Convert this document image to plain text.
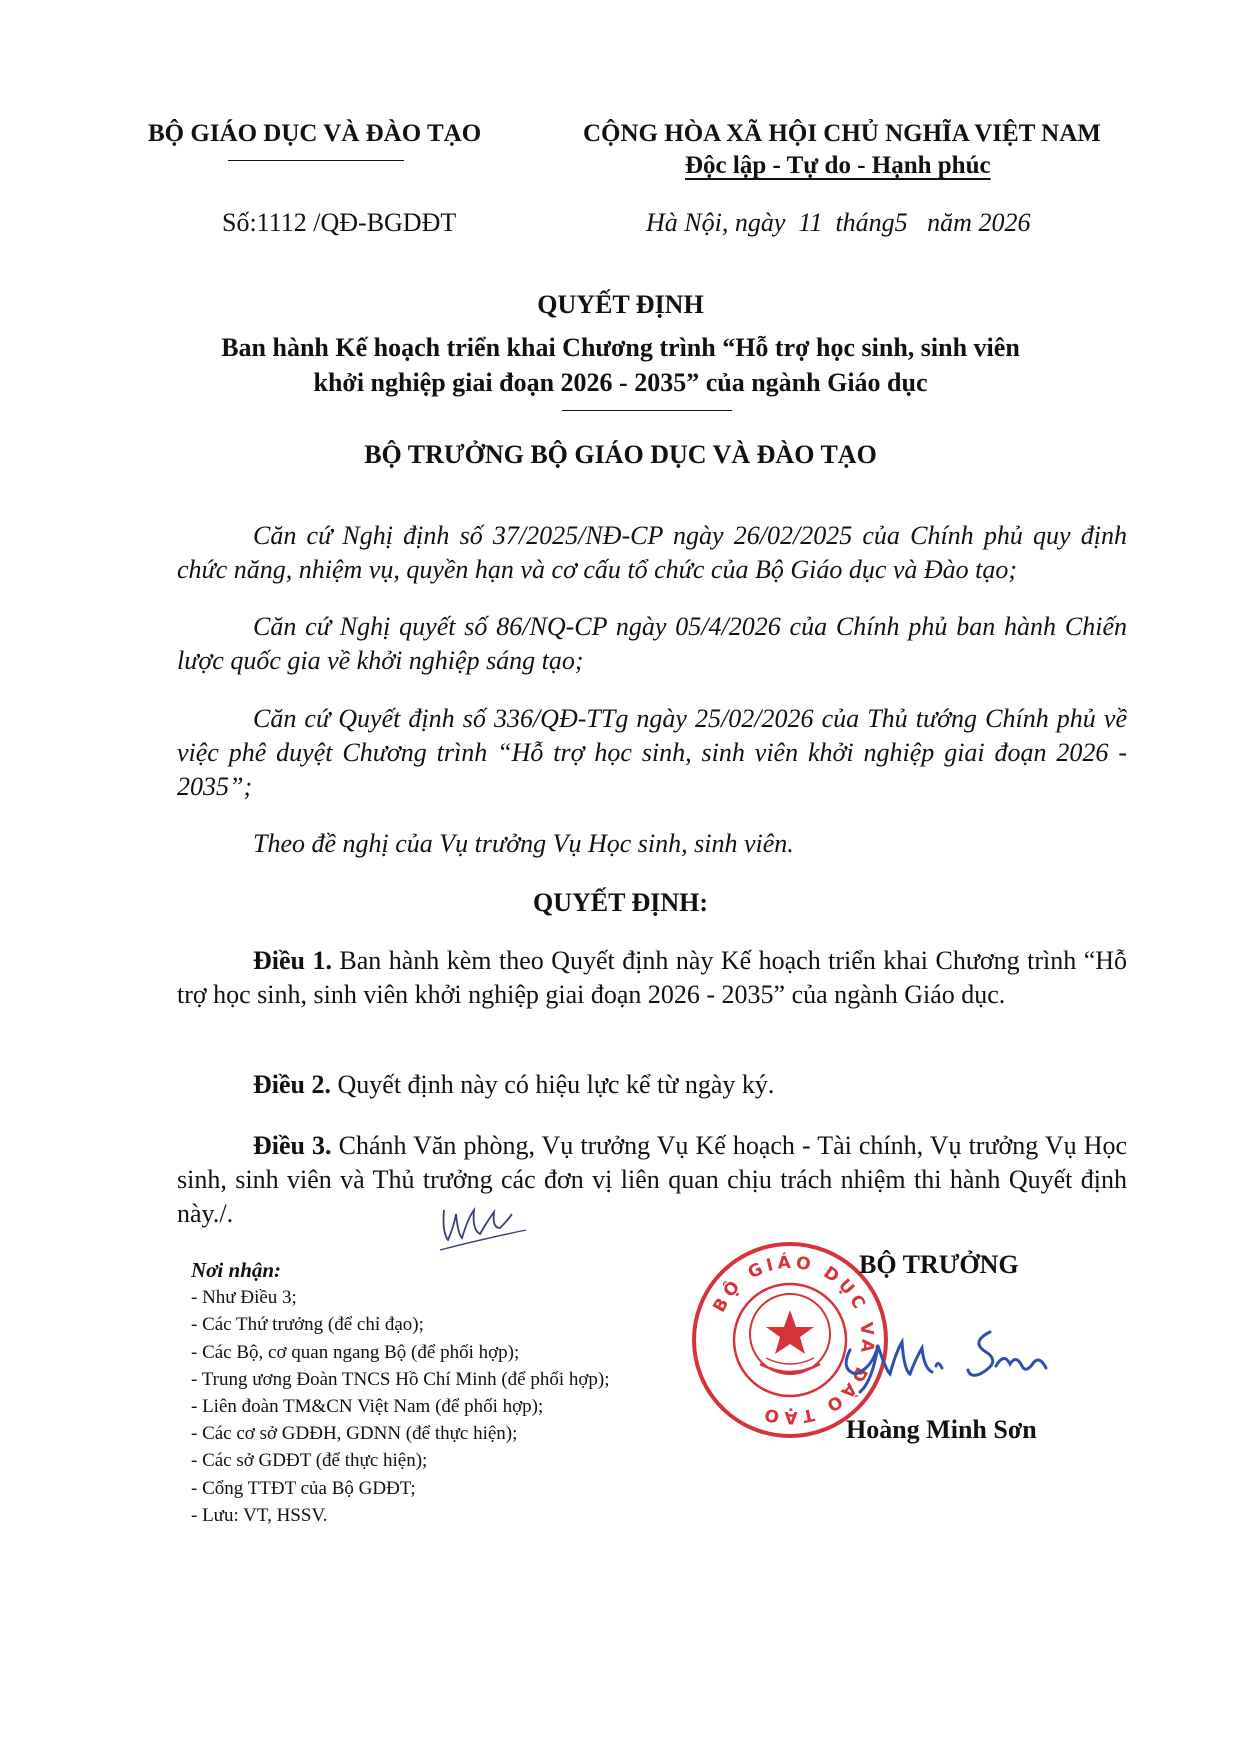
BỘ GIÁO DỤC VÀ ĐÀO TẠO	CỘNG HÒA XÃ HỘI CHỦ NGHĨA VIỆT NAM
Độc lập - Tự do - Hạnh phúc
Số:1112 /QĐ-BGDĐT	Hà Nội, ngày  11  tháng5   năm 2026
QUYẾT ĐỊNH
Ban hành Kế hoạch triển khai Chương trình “Hỗ trợ học sinh, sinh viên
khởi nghiệp giai đoạn 2026 - 2035” của ngành Giáo dục
BỘ TRƯỞNG BỘ GIÁO DỤC VÀ ĐÀO TẠO
Căn cứ Nghị định số 37/2025/NĐ-CP ngày 26/02/2025 của Chính phủ quy định chức năng, nhiệm vụ, quyền hạn và cơ cấu tổ chức của Bộ Giáo dục và Đào tạo;
Căn cứ Nghị quyết số 86/NQ-CP ngày 05/4/2026 của Chính phủ ban hành Chiến lược quốc gia về khởi nghiệp sáng tạo;
Căn cứ Quyết định số 336/QĐ-TTg ngày 25/02/2026 của Thủ tướng Chính phủ về việc phê duyệt Chương trình “Hỗ trợ học sinh, sinh viên khởi nghiệp giai đoạn 2026 - 2035”;
Theo đề nghị của Vụ trưởng Vụ Học sinh, sinh viên.
QUYẾT ĐỊNH:
Điều 1. Ban hành kèm theo Quyết định này Kế hoạch triển khai Chương trình “Hỗ trợ học sinh, sinh viên khởi nghiệp giai đoạn 2026 - 2035” của ngành Giáo dục.
Điều 2. Quyết định này có hiệu lực kể từ ngày ký.
Điều 3. Chánh Văn phòng, Vụ trưởng Vụ Kế hoạch - Tài chính, Vụ trưởng Vụ Học sinh, sinh viên và Thủ trưởng các đơn vị liên quan chịu trách nhiệm thi hành Quyết định này./.
Nơi nhận:
- Như Điều 3;
- Các Thứ trưởng (để chỉ đạo);
- Các Bộ, cơ quan ngang Bộ (để phối hợp);
- Trung ương Đoàn TNCS Hồ Chí Minh (để phối hợp);
- Liên đoàn TM&CN Việt Nam (để phối hợp);
- Các cơ sở GDĐH, GDNN (để thực hiện);
- Các sở GDĐT (để thực hiện);
- Cổng TTĐT của Bộ GDĐT;
- Lưu: VT, HSSV.
BỘ GIÁO DỤC VÀ ĐÀO TẠO
BỘ TRƯỞNG
Hoàng Minh Sơn
